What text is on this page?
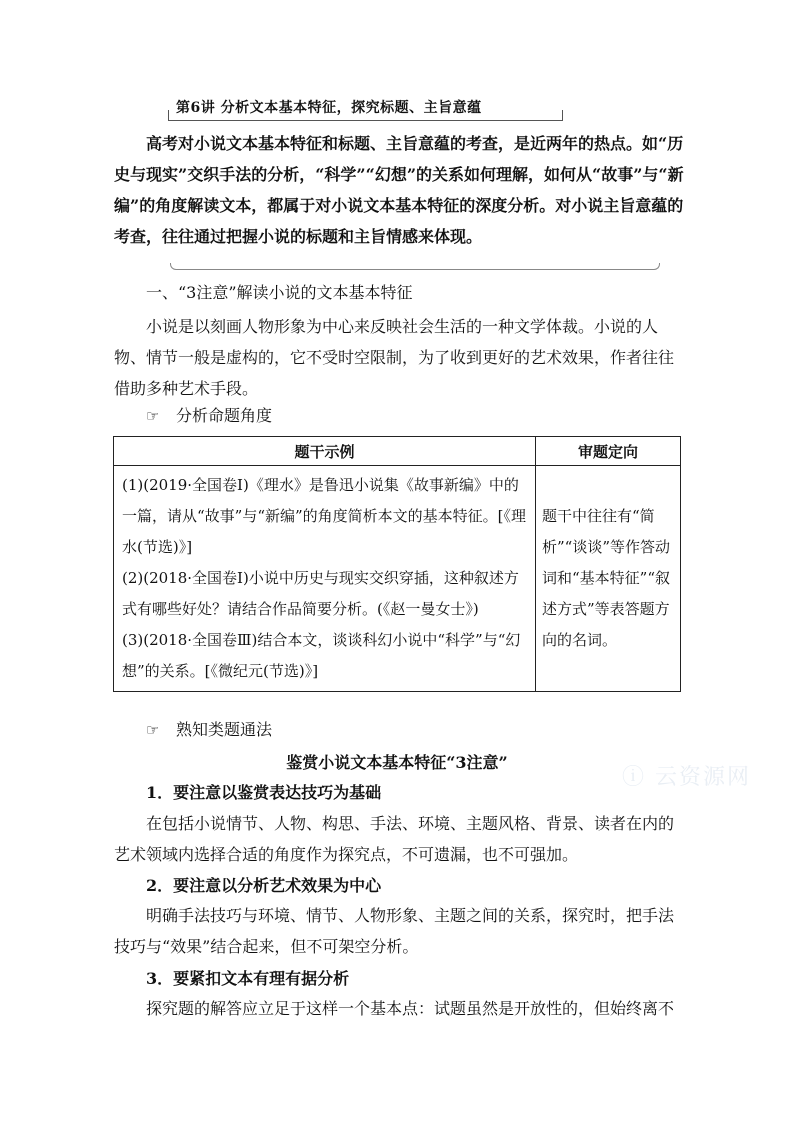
第6讲 分析文本基本特征，探究标题、主旨意蕴
高考对小说文本基本特征和标题、主旨意蕴的考查，是近两年的热点。如“历史与现实”交织手法的分析，“科学”“幻想”的关系如何理解，如何从“故事”与“新编”的角度解读文本，都属于对小说文本基本特征的深度分析。对小说主旨意蕴的考查，往往通过把握小说的标题和主旨情感来体现。
一、“3注意”解读小说的文本基本特征
小说是以刻画人物形象为中心来反映社会生活的一种文学体裁。小说的人物、情节一般是虚构的，它不受时空限制，为了收到更好的艺术效果，作者往往借助多种艺术手段。
☞ 分析命题角度
题干示例	审题定向

(1)(2019·全国卷Ⅰ)《理水》是鲁迅小说集《故事新编》中的一篇，请从“故事”与“新编”的角度简析本文的基本特征。[《理水(节选)》]
(2)(2018·全国卷Ⅰ)小说中历史与现实交织穿插，这种叙述方式有哪些好处？请结合作品简要分析。(《赵一曼女士》)
(3)(2018·全国卷Ⅲ)结合本文，谈谈科幻小说中“科学”与“幻想”的关系。[《微纪元(节选)》]	题干中往往有“简析”“谈谈”等作答动词和“基本特征”“叙述方式”等表答题方向的名词。
☞ 熟知类题通法
ⓘ 云资源网
鉴赏小说文本基本特征“3注意”
1．要注意以鉴赏表达技巧为基础
在包括小说情节、人物、构思、手法、环境、主题风格、背景、读者在内的艺术领域内选择合适的角度作为探究点，不可遗漏，也不可强加。
2．要注意以分析艺术效果为中心
明确手法技巧与环境、情节、人物形象、主题之间的关系，探究时，把手法技巧与“效果”结合起来，但不可架空分析。
3．要紧扣文本有理有据分析
探究题的解答应立足于这样一个基本点：试题虽然是开放性的，但始终离不
